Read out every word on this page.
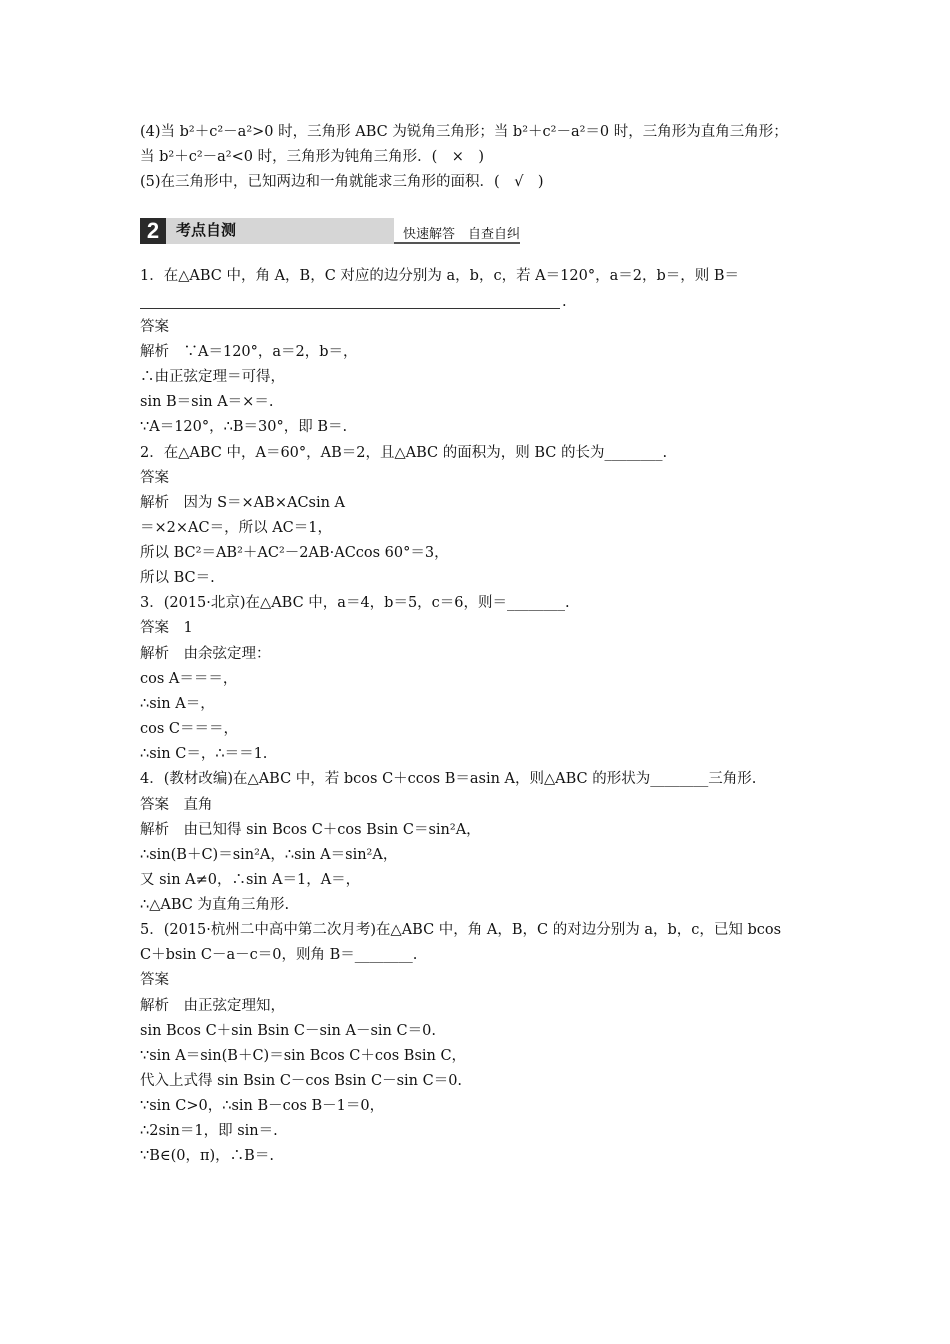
(4)当 b²＋c²－a²>0 时，三角形 ABC 为锐角三角形；当 b²＋c²－a²＝0 时，三角形为直角三角形；
当 b²＋c²－a²<0 时，三角形为钝角三角形．(　×　)
(5)在三角形中，已知两边和一角就能求三角形的面积．(　√　)
2	考点自测	快速解答　自查自纠
1．在△ABC 中，角 A，B，C 对应的边分别为 a，b，c，若 A＝120°，a＝2，b＝，则 B＝
.
答案
解析　∵A＝120°，a＝2，b＝，
∴由正弦定理＝可得，
sin B＝sin A＝×＝.
∵A＝120°，∴B＝30°，即 B＝.
2．在△ABC 中，A＝60°，AB＝2，且△ABC 的面积为，则 BC 的长为________.
答案
解析　因为 S＝×AB×ACsin A
＝×2×AC＝，所以 AC＝1，
所以 BC²＝AB²＋AC²－2AB·ACcos 60°＝3，
所以 BC＝.
3．(2015·北京)在△ABC 中，a＝4，b＝5，c＝6，则＝________.
答案　1
解析　由余弦定理：
cos A＝＝＝，
∴sin A＝，
cos C＝＝＝，
∴sin C＝，∴＝＝1.
4．(教材改编)在△ABC 中，若 bcos C＋ccos B＝asin A，则△ABC 的形状为________三角形.
答案　直角
解析　由已知得 sin Bcos C＋cos Bsin C＝sin²A，
∴sin(B＋C)＝sin²A，∴sin A＝sin²A，
又 sin A≠0，∴sin A＝1，A＝，
∴△ABC 为直角三角形.
5．(2015·杭州二中高中第二次月考)在△ABC 中，角 A，B，C 的对边分别为 a，b，c，已知 bcos
C＋bsin C－a－c＝0，则角 B＝________.
答案
解析　由正弦定理知，
sin Bcos C＋sin Bsin C－sin A－sin C＝0.
∵sin A＝sin(B＋C)＝sin Bcos C＋cos Bsin C，
代入上式得 sin Bsin C－cos Bsin C－sin C＝0.
∵sin C>0，∴sin B－cos B－1＝0，
∴2sin＝1，即 sin＝.
∵B∈(0，π)，∴B＝.
